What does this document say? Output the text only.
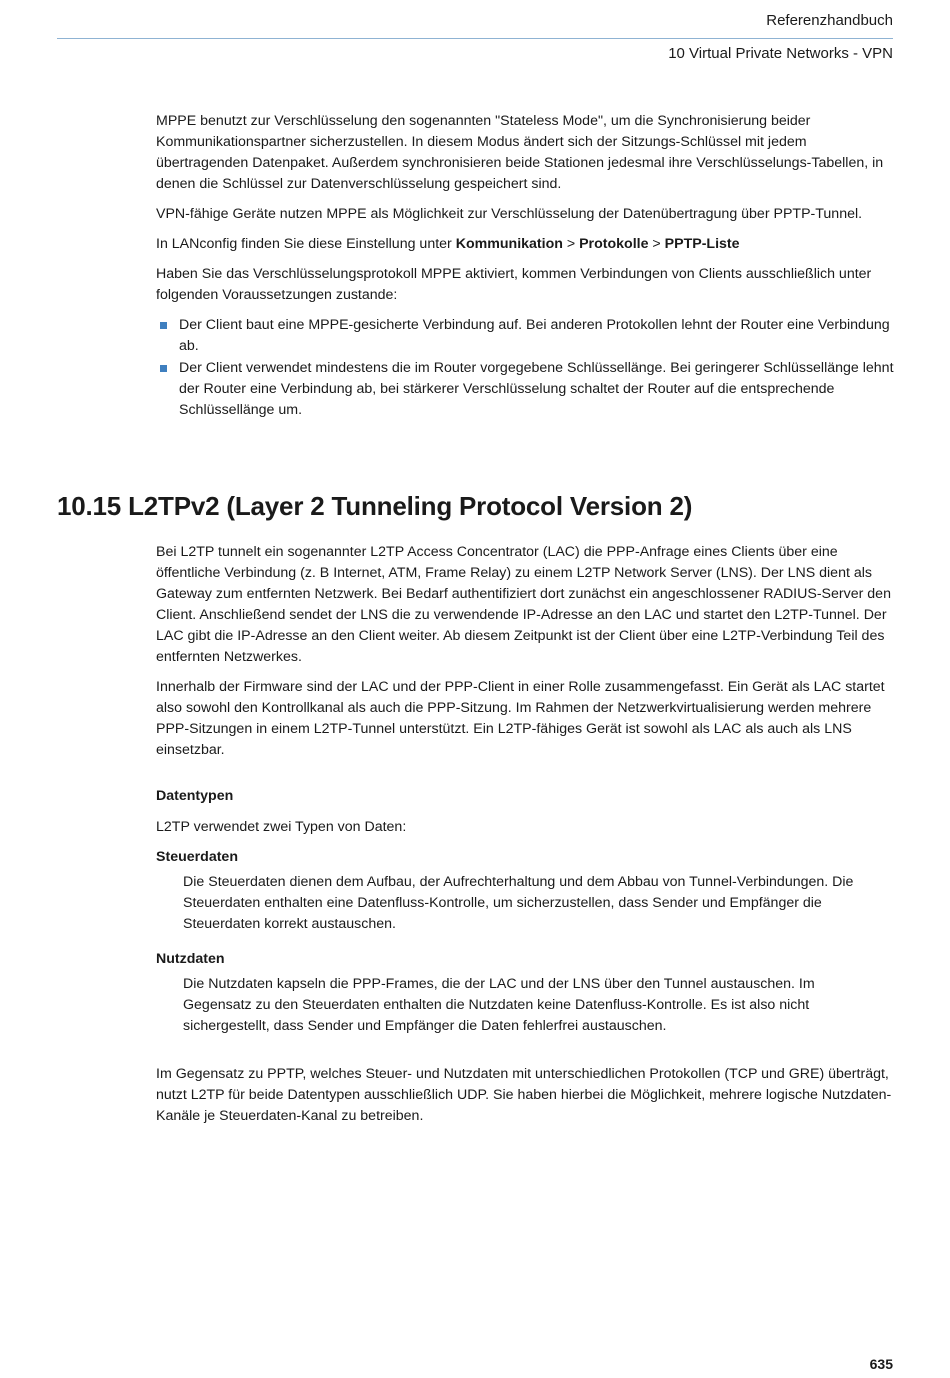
Referenzhandbuch
10 Virtual Private Networks - VPN

MPPE benutzt zur Verschlüsselung den sogenannten "Stateless Mode", um die Synchronisierung beider Kommunikationspartner sicherzustellen. In diesem Modus ändert sich der Sitzungs-Schlüssel mit jedem übertragenden Datenpaket. Außerdem synchronisieren beide Stationen jedesmal ihre Verschlüsselungs-Tabellen, in denen die Schlüssel zur Datenverschlüsselung gespeichert sind.

VPN-fähige Geräte nutzen MPPE als Möglichkeit zur Verschlüsselung der Datenübertragung über PPTP-Tunnel.

In LANconfig finden Sie diese Einstellung unter Kommunikation > Protokolle > PPTP-Liste

Haben Sie das Verschlüsselungsprotokoll MPPE aktiviert, kommen Verbindungen von Clients ausschließlich unter folgenden Voraussetzungen zustande:

Der Client baut eine MPPE-gesicherte Verbindung auf. Bei anderen Protokollen lehnt der Router eine Verbindung ab.
Der Client verwendet mindestens die im Router vorgegebene Schlüssellänge. Bei geringerer Schlüssellänge lehnt der Router eine Verbindung ab, bei stärkerer Verschlüsselung schaltet der Router auf die entsprechende Schlüssellänge um.
10.15 L2TPv2 (Layer 2 Tunneling Protocol Version 2)

Bei L2TP tunnelt ein sogenannter L2TP Access Concentrator (LAC) die PPP-Anfrage eines Clients über eine öffentliche Verbindung (z. B Internet, ATM, Frame Relay) zu einem L2TP Network Server (LNS). Der LNS dient als Gateway zum entfernten Netzwerk. Bei Bedarf authentifiziert dort zunächst ein angeschlossener RADIUS-Server den Client. Anschließend sendet der LNS die zu verwendende IP-Adresse an den LAC und startet den L2TP-Tunnel. Der LAC gibt die IP-Adresse an den Client weiter. Ab diesem Zeitpunkt ist der Client über eine L2TP-Verbindung Teil des entfernten Netzwerkes.

Innerhalb der Firmware sind der LAC und der PPP-Client in einer Rolle zusammengefasst. Ein Gerät als LAC startet also sowohl den Kontrollkanal als auch die PPP-Sitzung. Im Rahmen der Netzwerkvirtualisierung werden mehrere PPP-Sitzungen in einem L2TP-Tunnel unterstützt. Ein L2TP-fähiges Gerät ist sowohl als LAC als auch als LNS einsetzbar.

Datentypen

L2TP verwendet zwei Typen von Daten:

Steuerdaten
Die Steuerdaten dienen dem Aufbau, der Aufrechterhaltung und dem Abbau von Tunnel-Verbindungen. Die Steuerdaten enthalten eine Datenfluss-Kontrolle, um sicherzustellen, dass Sender und Empfänger die Steuerdaten korrekt austauschen.
Nutzdaten
Die Nutzdaten kapseln die PPP-Frames, die der LAC und der LNS über den Tunnel austauschen. Im Gegensatz zu den Steuerdaten enthalten die Nutzdaten keine Datenfluss-Kontrolle. Es ist also nicht sichergestellt, dass Sender und Empfänger die Daten fehlerfrei austauschen.

Im Gegensatz zu PPTP, welches Steuer- und Nutzdaten mit unterschiedlichen Protokollen (TCP und GRE) überträgt, nutzt L2TP für beide Datentypen ausschließlich UDP. Sie haben hierbei die Möglichkeit, mehrere logische Nutzdaten-Kanäle je Steuerdaten-Kanal zu betreiben.

635
